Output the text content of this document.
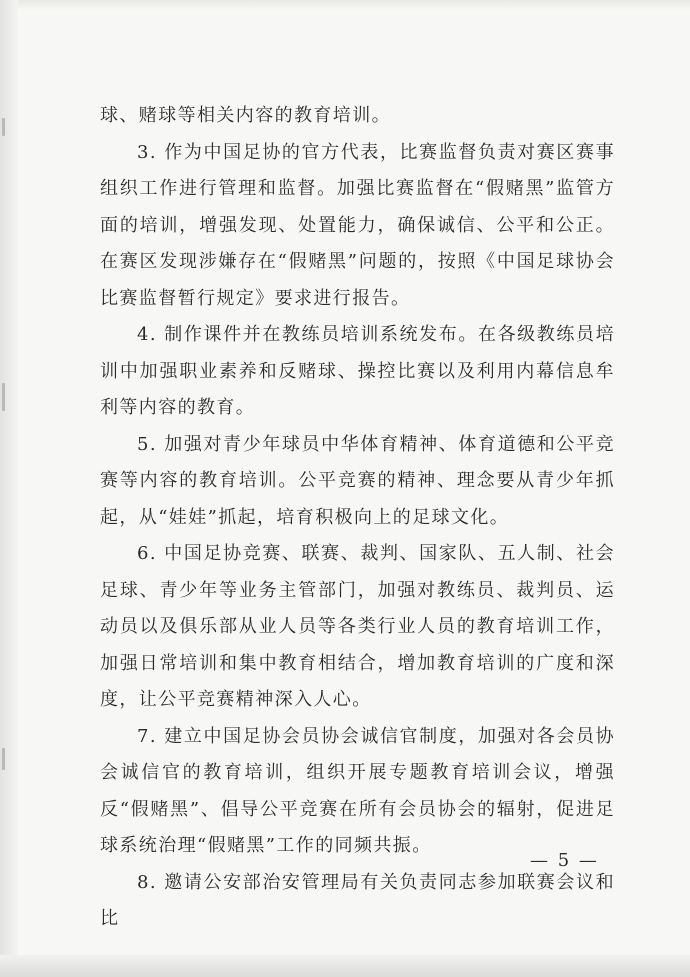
球、赌球等相关内容的教育培训。

3. 作为中国足协的官方代表，比赛监督负责对赛区赛事组织工作进行管理和监督。加强比赛监督在“假赌黑”监管方面的培训，增强发现、处置能力，确保诚信、公平和公正。在赛区发现涉嫌存在“假赌黑”问题的，按照《中国足球协会比赛监督暂行规定》要求进行报告。

4. 制作课件并在教练员培训系统发布。在各级教练员培训中加强职业素养和反赌球、操控比赛以及利用内幕信息牟利等内容的教育。

5. 加强对青少年球员中华体育精神、体育道德和公平竞赛等内容的教育培训。公平竞赛的精神、理念要从青少年抓起，从“娃娃”抓起，培育积极向上的足球文化。

6. 中国足协竞赛、联赛、裁判、国家队、五人制、社会足球、青少年等业务主管部门，加强对教练员、裁判员、运动员以及俱乐部从业人员等各类行业人员的教育培训工作，加强日常培训和集中教育相结合，增加教育培训的广度和深度，让公平竞赛精神深入人心。

7. 建立中国足协会员协会诚信官制度，加强对各会员协会诚信官的教育培训，组织开展专题教育培训会议，增强反“假赌黑”、倡导公平竞赛在所有会员协会的辐射，促进足球系统治理“假赌黑”工作的同频共振。

8. 邀请公安部治安管理局有关负责同志参加联赛会议和比

— 5 —
